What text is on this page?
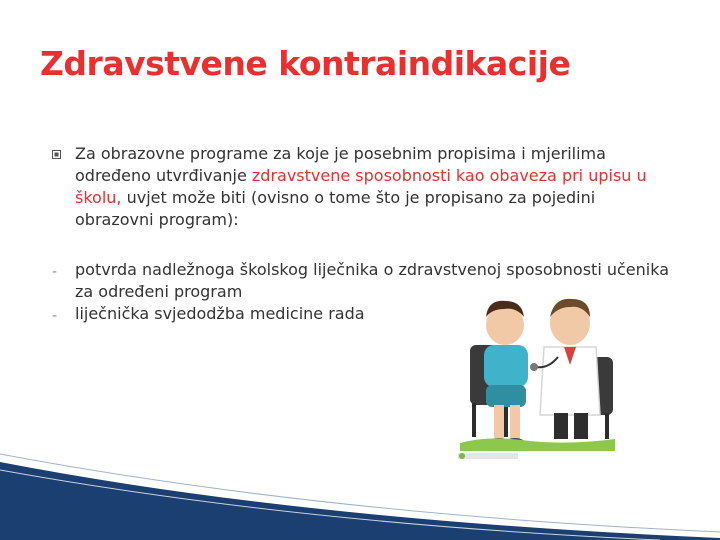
Zdravstvene kontraindikacije
Za obrazovne programe za koje je posebnim propisima i mjerilima određeno utvrđivanje zdravstvene sposobnosti kao obaveza pri upisu u školu, uvjet može biti (ovisno o tome što je propisano za pojedini obrazovni program):
- potvrda nadležnoga školskog liječnika o zdravstvenoj sposobnosti učenika za određeni program
- liječnička svjedodžba medicine rada
